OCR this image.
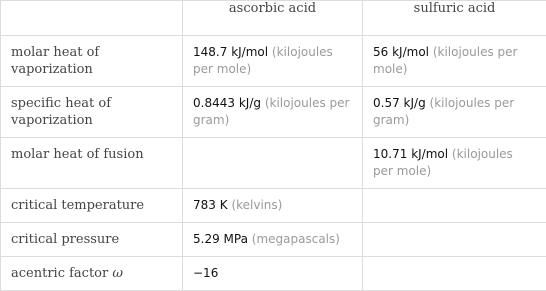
	ascorbic acid	sulfuric acid
molar heat of vaporization	148.7 kJ/mol (kilojoules per mole)	56 kJ/mol (kilojoules per mole)
specific heat of vaporization	0.8443 kJ/g (kilojoules per gram)	0.57 kJ/g (kilojoules per gram)
molar heat of fusion		10.71 kJ/mol (kilojoules per mole)
critical temperature	783 K (kelvins)	
critical pressure	5.29 MPa (megapascals)	
acentric factor ω	−16	
